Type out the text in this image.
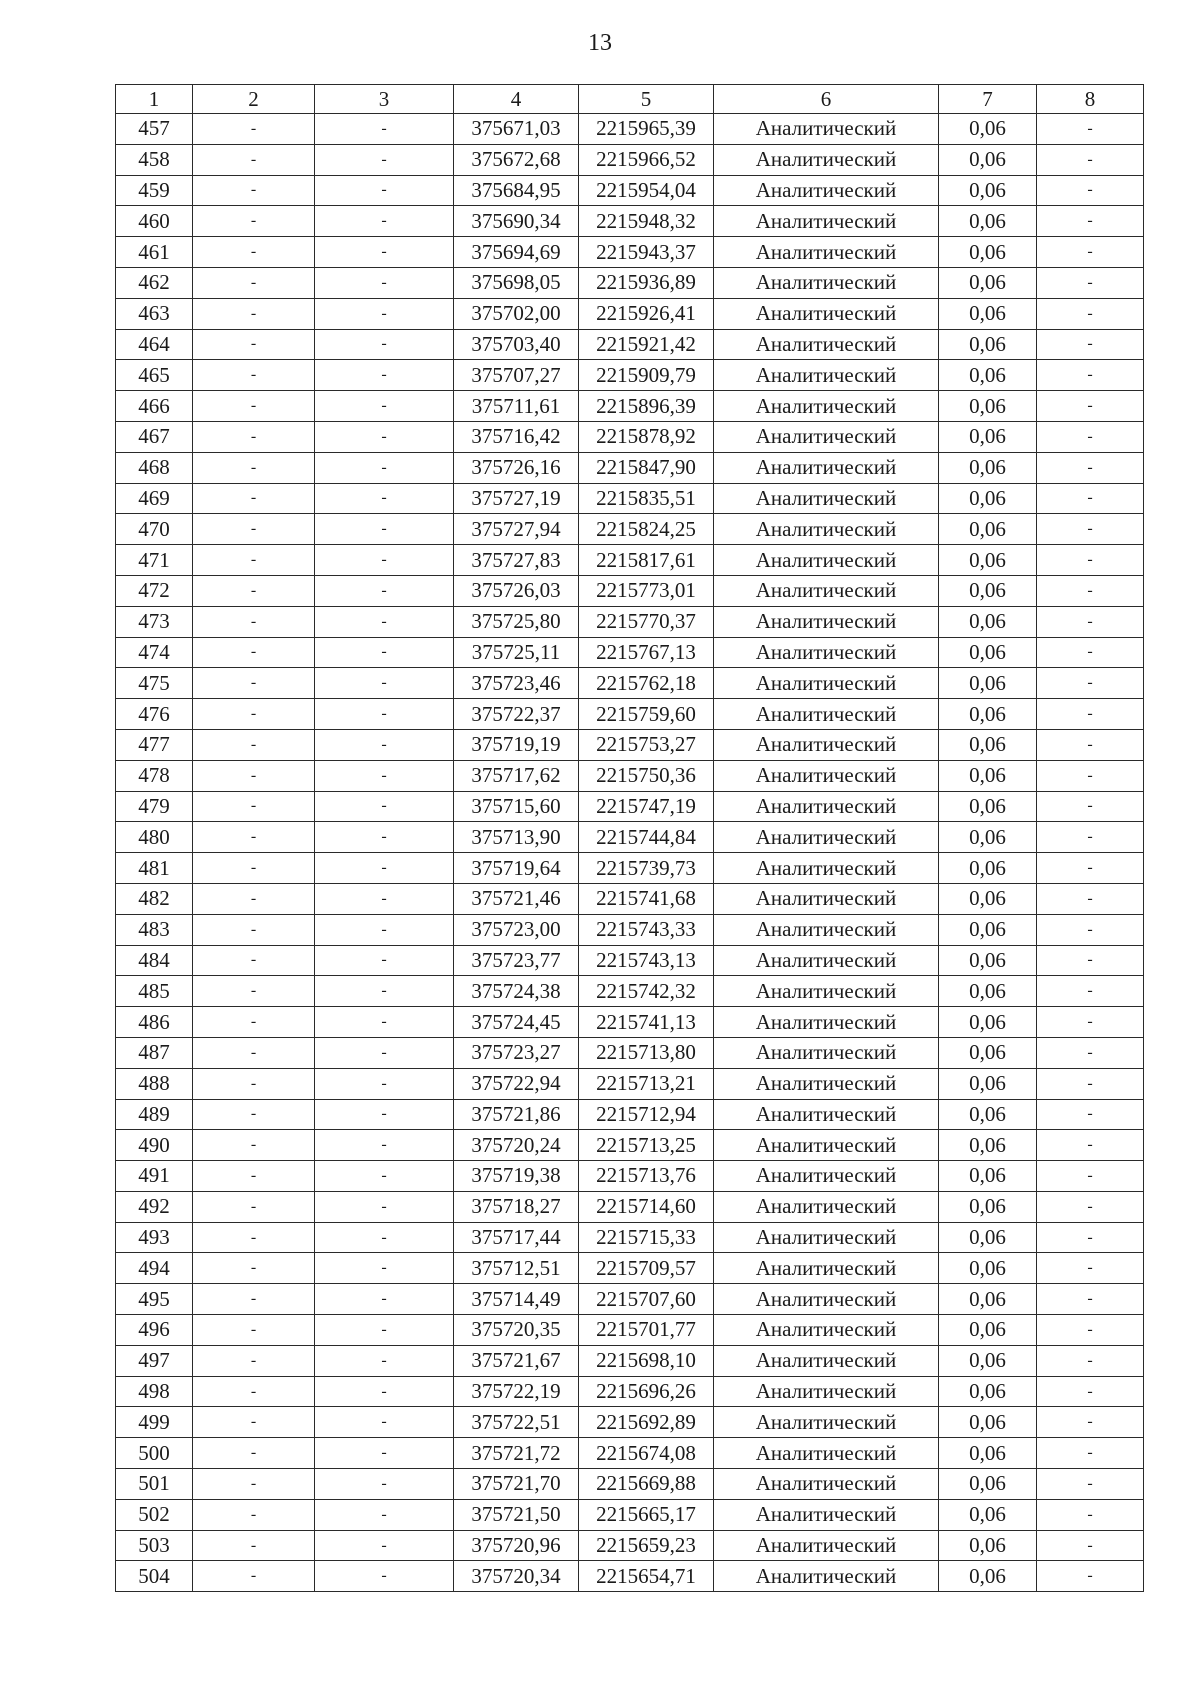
13
1	2	3	4	5	6	7	8
457	-	-	375671,03	2215965,39	Аналитический	0,06	-
458	-	-	375672,68	2215966,52	Аналитический	0,06	-
459	-	-	375684,95	2215954,04	Аналитический	0,06	-
460	-	-	375690,34	2215948,32	Аналитический	0,06	-
461	-	-	375694,69	2215943,37	Аналитический	0,06	-
462	-	-	375698,05	2215936,89	Аналитический	0,06	-
463	-	-	375702,00	2215926,41	Аналитический	0,06	-
464	-	-	375703,40	2215921,42	Аналитический	0,06	-
465	-	-	375707,27	2215909,79	Аналитический	0,06	-
466	-	-	375711,61	2215896,39	Аналитический	0,06	-
467	-	-	375716,42	2215878,92	Аналитический	0,06	-
468	-	-	375726,16	2215847,90	Аналитический	0,06	-
469	-	-	375727,19	2215835,51	Аналитический	0,06	-
470	-	-	375727,94	2215824,25	Аналитический	0,06	-
471	-	-	375727,83	2215817,61	Аналитический	0,06	-
472	-	-	375726,03	2215773,01	Аналитический	0,06	-
473	-	-	375725,80	2215770,37	Аналитический	0,06	-
474	-	-	375725,11	2215767,13	Аналитический	0,06	-
475	-	-	375723,46	2215762,18	Аналитический	0,06	-
476	-	-	375722,37	2215759,60	Аналитический	0,06	-
477	-	-	375719,19	2215753,27	Аналитический	0,06	-
478	-	-	375717,62	2215750,36	Аналитический	0,06	-
479	-	-	375715,60	2215747,19	Аналитический	0,06	-
480	-	-	375713,90	2215744,84	Аналитический	0,06	-
481	-	-	375719,64	2215739,73	Аналитический	0,06	-
482	-	-	375721,46	2215741,68	Аналитический	0,06	-
483	-	-	375723,00	2215743,33	Аналитический	0,06	-
484	-	-	375723,77	2215743,13	Аналитический	0,06	-
485	-	-	375724,38	2215742,32	Аналитический	0,06	-
486	-	-	375724,45	2215741,13	Аналитический	0,06	-
487	-	-	375723,27	2215713,80	Аналитический	0,06	-
488	-	-	375722,94	2215713,21	Аналитический	0,06	-
489	-	-	375721,86	2215712,94	Аналитический	0,06	-
490	-	-	375720,24	2215713,25	Аналитический	0,06	-
491	-	-	375719,38	2215713,76	Аналитический	0,06	-
492	-	-	375718,27	2215714,60	Аналитический	0,06	-
493	-	-	375717,44	2215715,33	Аналитический	0,06	-
494	-	-	375712,51	2215709,57	Аналитический	0,06	-
495	-	-	375714,49	2215707,60	Аналитический	0,06	-
496	-	-	375720,35	2215701,77	Аналитический	0,06	-
497	-	-	375721,67	2215698,10	Аналитический	0,06	-
498	-	-	375722,19	2215696,26	Аналитический	0,06	-
499	-	-	375722,51	2215692,89	Аналитический	0,06	-
500	-	-	375721,72	2215674,08	Аналитический	0,06	-
501	-	-	375721,70	2215669,88	Аналитический	0,06	-
502	-	-	375721,50	2215665,17	Аналитический	0,06	-
503	-	-	375720,96	2215659,23	Аналитический	0,06	-
504	-	-	375720,34	2215654,71	Аналитический	0,06	-
